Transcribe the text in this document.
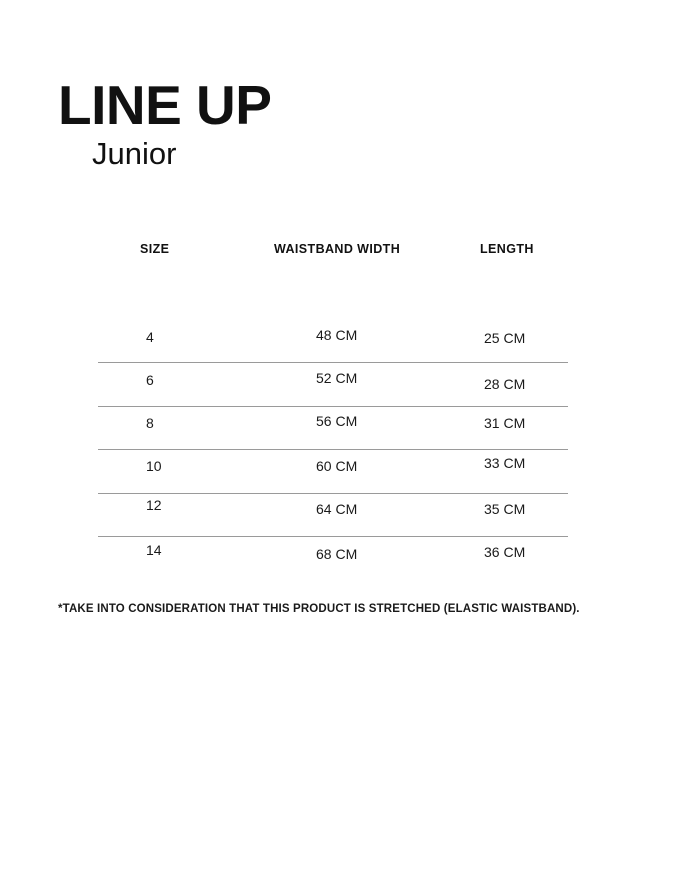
LINE UP
Junior
SIZE	WAISTBAND WIDTH	LENGTH
4	48 CM	25 CM
6	52 CM	28 CM
8	56 CM	31 CM
10	60 CM	33 CM
12	64 CM	35 CM
14	68 CM	36 CM
*TAKE INTO CONSIDERATION THAT THIS PRODUCT IS STRETCHED (ELASTIC WAISTBAND).
